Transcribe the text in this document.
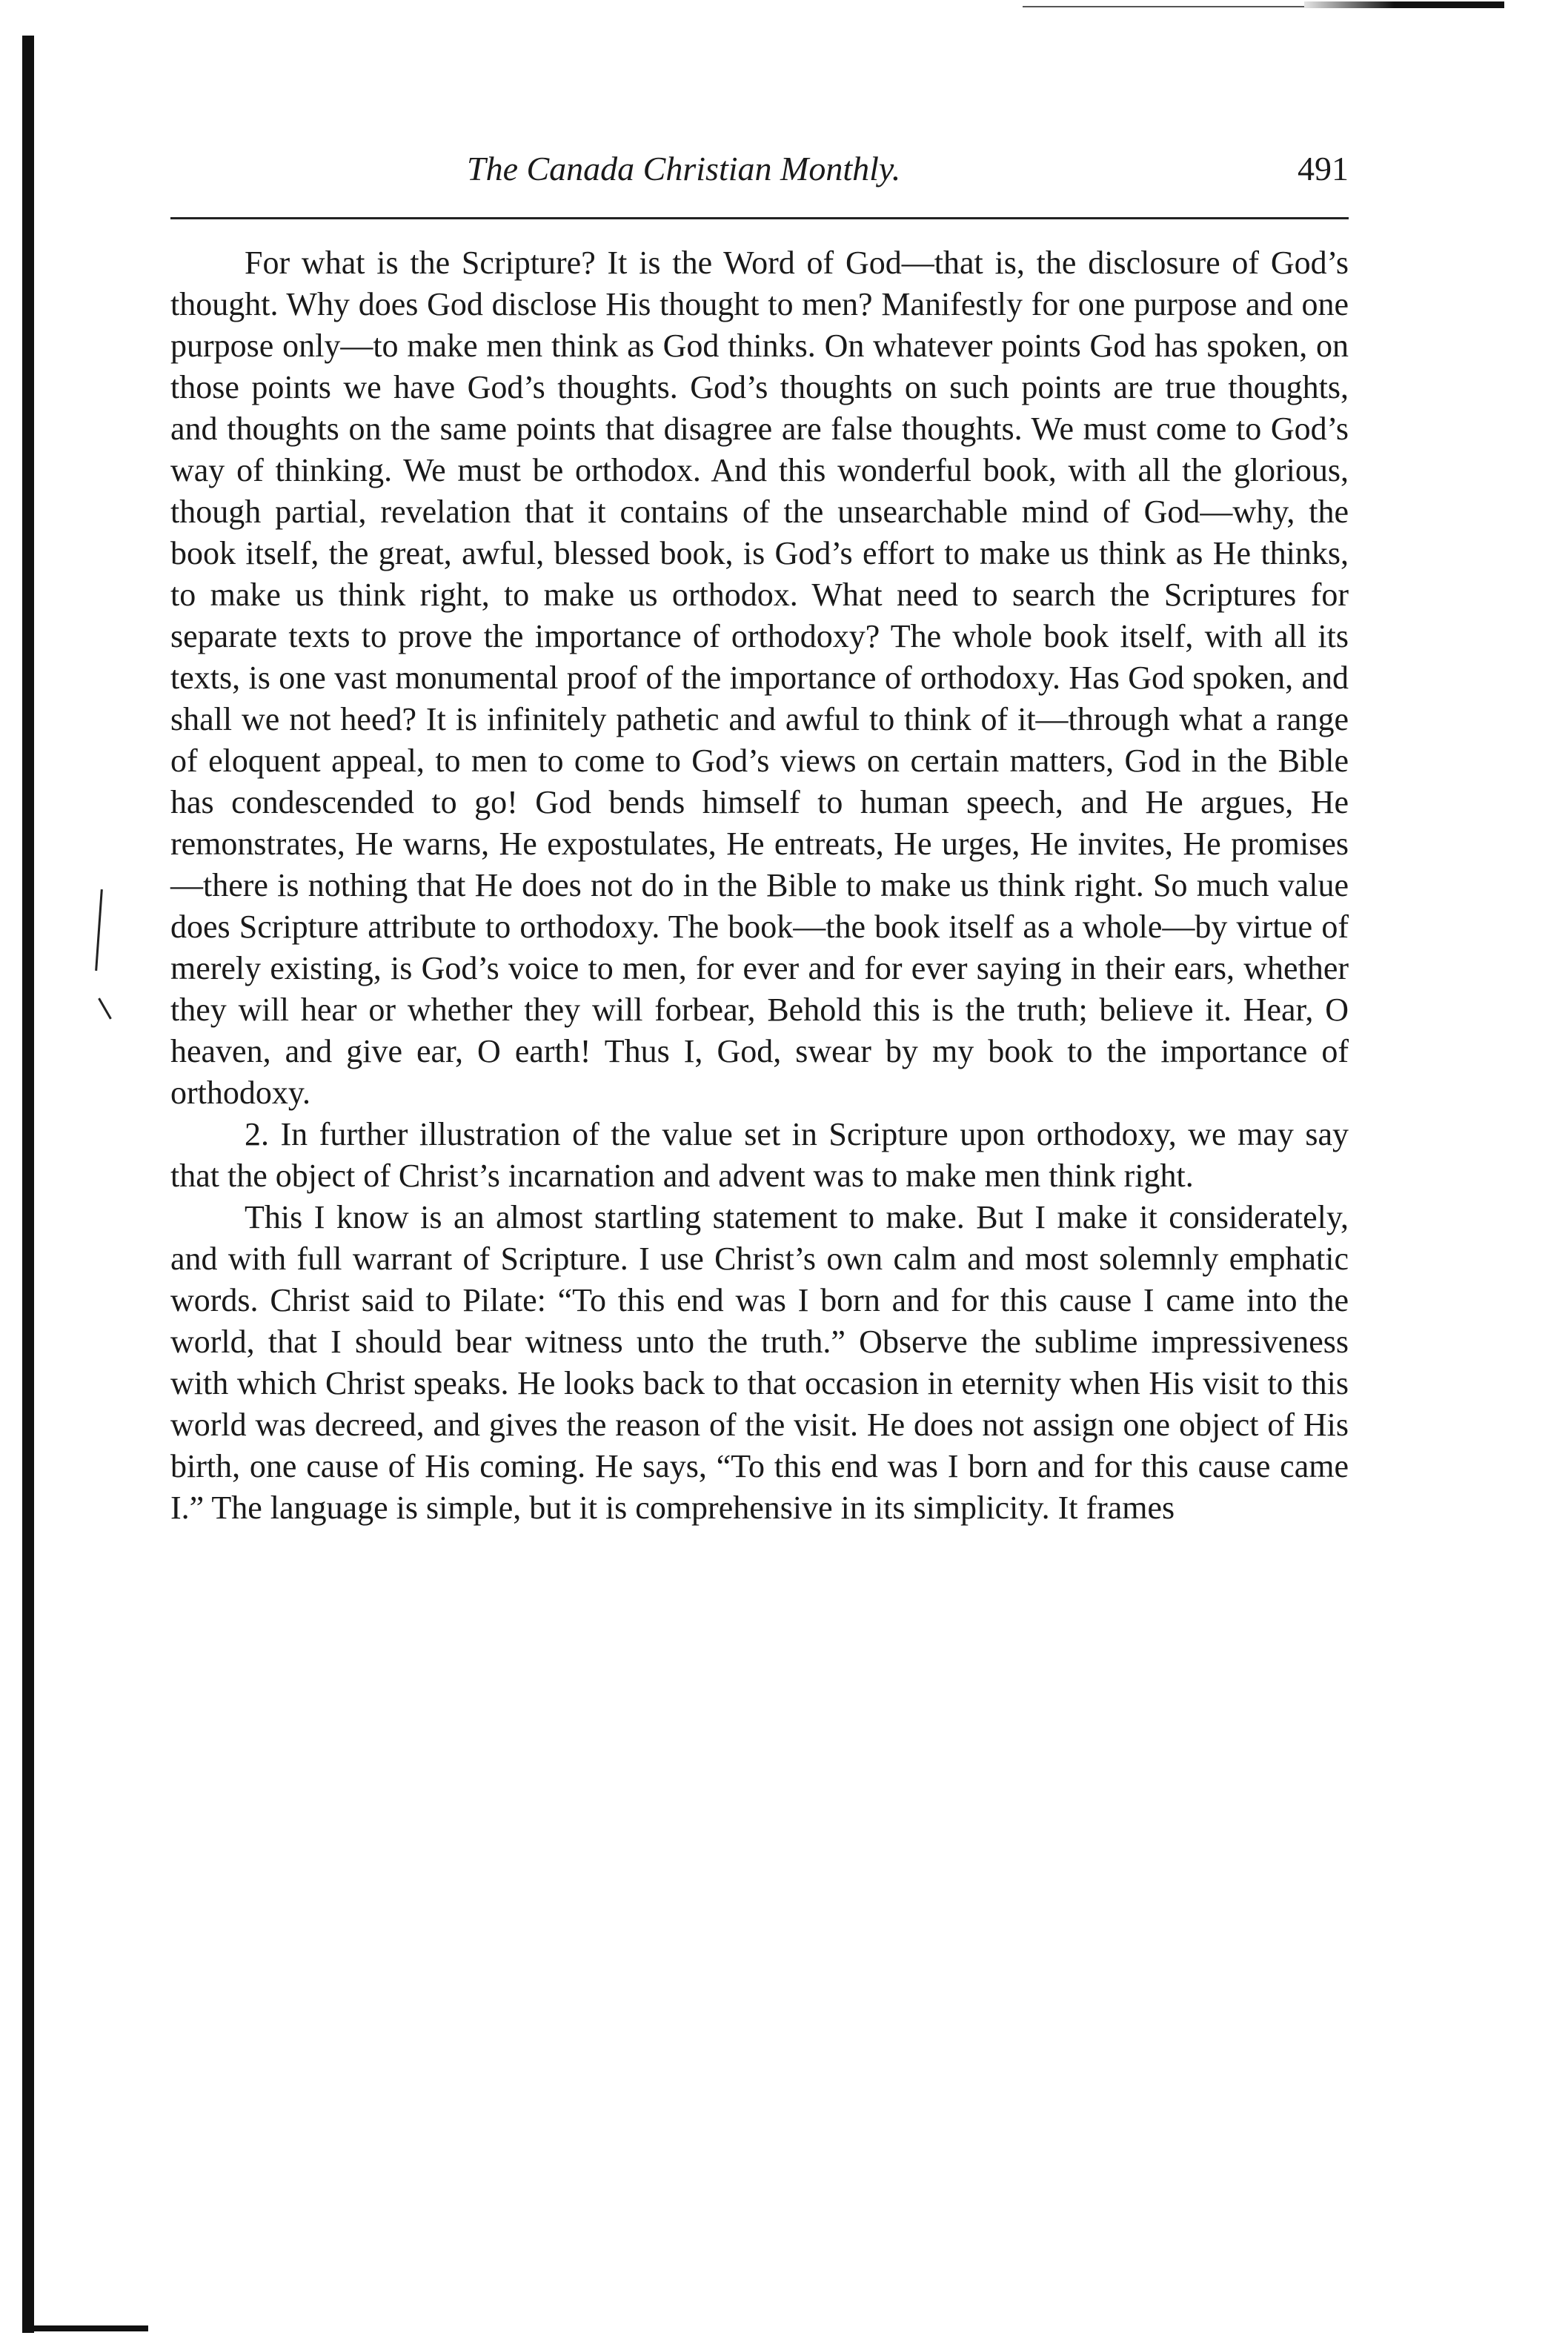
The Canada Christian Monthly.	491

For what is the Scripture? It is the Word of God—that is, the disclosure of God’s thought. Why does God disclose His thought to men? Manifestly for one purpose and one purpose only—to make men think as God thinks. On whatever points God has spoken, on those points we have God’s thoughts. God’s thoughts on such points are true thoughts, and thoughts on the same points that disagree are false thoughts. We must come to God’s way of thinking. We must be orthodox. And this wonderful book, with all the glorious, though partial, revelation that it contains of the unsearchable mind of God—why, the book itself, the great, awful, blessed book, is God’s effort to make us think as He thinks, to make us think right, to make us orthodox. What need to search the Scriptures for separate texts to prove the importance of orthodoxy? The whole book itself, with all its texts, is one vast monumental proof of the importance of orthodoxy. Has God spoken, and shall we not heed? It is infinitely pathetic and awful to think of it—through what a range of eloquent appeal, to men to come to God’s views on certain matters, God in the Bible has condescended to go! God bends himself to human speech, and He argues, He remonstrates, He warns, He expostulates, He entreats, He urges, He invites, He promises—there is nothing that He does not do in the Bible to make us think right. So much value does Scripture attribute to orthodoxy. The book—the book itself as a whole—by virtue of merely existing, is God’s voice to men, for ever and for ever saying in their ears, whether they will hear or whether they will forbear, Behold this is the truth; believe it. Hear, O heaven, and give ear, O earth! Thus I, God, swear by my book to the importance of orthodoxy.

2. In further illustration of the value set in Scripture upon orthodoxy, we may say that the object of Christ’s incarnation and advent was to make men think right.

This I know is an almost startling statement to make. But I make it considerately, and with full warrant of Scripture. I use Christ’s own calm and most solemnly emphatic words. Christ said to Pilate: “To this end was I born and for this cause I came into the world, that I should bear witness unto the truth.” Observe the sublime impressiveness with which Christ speaks. He looks back to that occasion in eternity when His visit to this world was decreed, and gives the reason of the visit. He does not assign one object of His birth, one cause of His coming. He says, “To this end was I born and for this cause came I.” The language is simple, but it is comprehensive in its simplicity. It frames
